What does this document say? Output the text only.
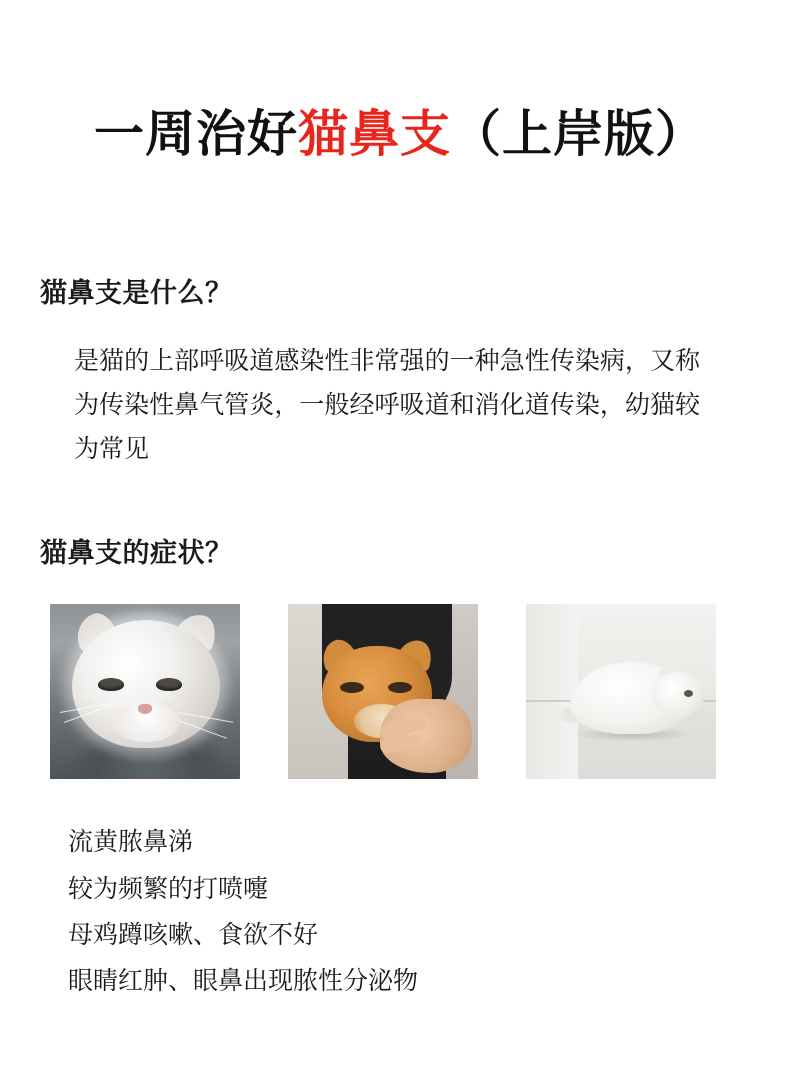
一周治好猫鼻支（上岸版）
猫鼻支是什么？

是猫的上部呼吸道感染性非常强的一种急性传染病，又称为传染性鼻气管炎，一般经呼吸道和消化道传染，幼猫较为常见

猫鼻支的症状？
流黄脓鼻涕
较为频繁的打喷嚏
母鸡蹲咳嗽、食欲不好
眼睛红肿、眼鼻出现脓性分泌物
